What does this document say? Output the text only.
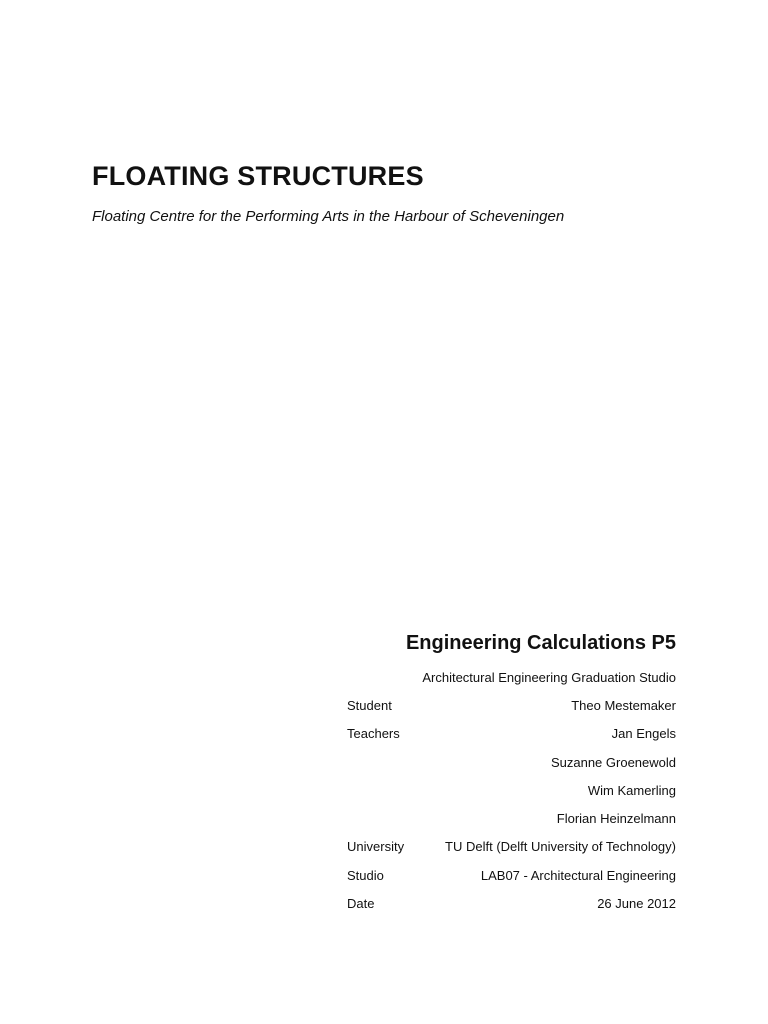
FLOATING STRUCTURES

Floating Centre for the Performing Arts in the Harbour of Scheveningen

Engineering Calculations P5

Architectural Engineering Graduation Studio

Student	Theo Mestemaker
Teachers	Jan Engels
Suzanne Groenewold
Wim Kamerling
Florian Heinzelmann
University	TU Delft (Delft University of Technology)
Studio	LAB07 - Architectural Engineering
Date	26 June 2012
